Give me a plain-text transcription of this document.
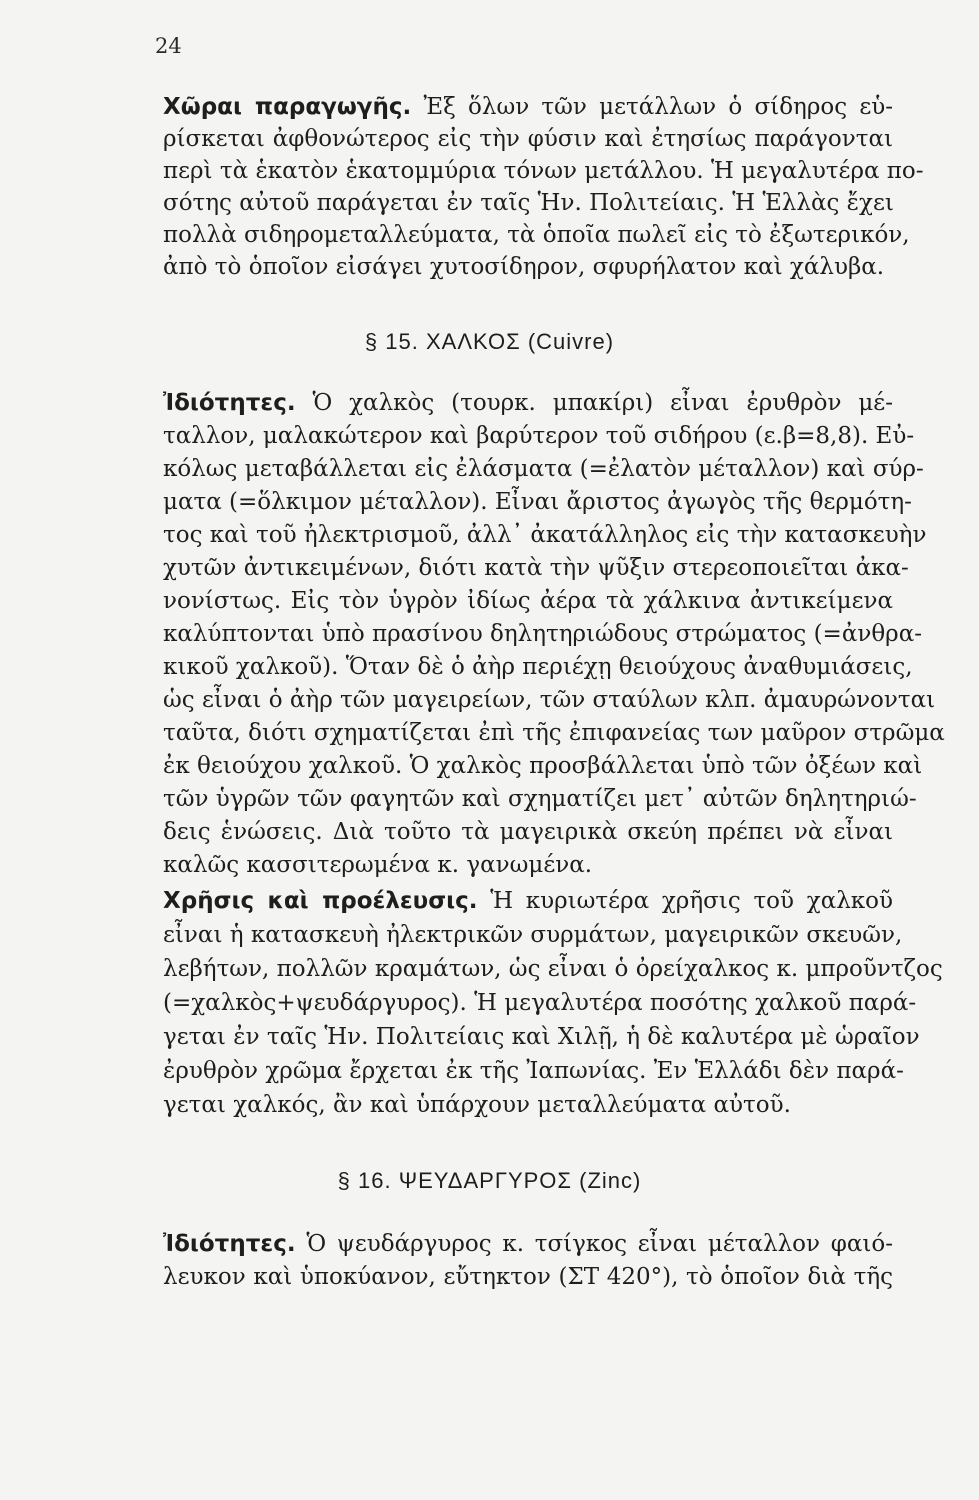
24
Χῶραι παραγωγῆς. Ἐξ ὅλων τῶν μετάλλων ὁ σίδηρος εὑ-
ρίσκεται ἀφθονώτερος εἰς τὴν φύσιν καὶ ἐτησίως παράγονται
περὶ τὰ ἑκατὸν ἑκατομμύρια τόνων μετάλλου. Ἡ μεγαλυτέρα πο-
σότης αὐτοῦ παράγεται ἐν ταῖς Ἡν. Πολιτείαις. Ἡ Ἑλλὰς ἔχει
πολλὰ σιδηρομεταλλεύματα, τὰ ὁποῖα πωλεῖ εἰς τὸ ἐξωτερικόν,
ἀπὸ τὸ ὁποῖον εἰσάγει χυτοσίδηρον, σφυρήλατον καὶ χάλυβα.
§ 15. ΧΑΛΚΟΣ (Cuivre)
Ἰδιότητες. Ὁ χαλκὸς (τουρκ. μπακίρι) εἶναι ἐρυθρὸν μέ-
ταλλον, μαλακώτερον καὶ βαρύτερον τοῦ σιδήρου (ε.β=8,8). Εὐ-
κόλως μεταβάλλεται εἰς ἐλάσματα (=ἐλατὸν μέταλλον) καὶ σύρ-
ματα (=ὅλκιμον μέταλλον). Εἶναι ἄριστος ἀγωγὸς τῆς θερμότη-
τος καὶ τοῦ ἠλεκτρισμοῦ, ἀλλ᾽ ἀκατάλληλος εἰς τὴν κατασκευὴν
χυτῶν ἀντικειμένων, διότι κατὰ τὴν ψῦξιν στερεοποιεῖται ἀκα-
νονίστως. Εἰς τὸν ὑγρὸν ἰδίως ἀέρα τὰ χάλκινα ἀντικείμενα
καλύπτονται ὑπὸ πρασίνου δηλητηριώδους στρώματος (=ἀνθρα-
κικοῦ χαλκοῦ). Ὅταν δὲ ὁ ἀὴρ περιέχῃ θειούχους ἀναθυμιάσεις,
ὡς εἶναι ὁ ἀὴρ τῶν μαγειρείων, τῶν σταύλων κλπ. ἀμαυρώνονται
ταῦτα, διότι σχηματίζεται ἐπὶ τῆς ἐπιφανείας των μαῦρον στρῶμα
ἐκ θειούχου χαλκοῦ. Ὁ χαλκὸς προσβάλλεται ὑπὸ τῶν ὀξέων καὶ
τῶν ὑγρῶν τῶν φαγητῶν καὶ σχηματίζει μετ᾽ αὐτῶν δηλητηριώ-
δεις ἑνώσεις. Διὰ τοῦτο τὰ μαγειρικὰ σκεύη πρέπει νὰ εἶναι
καλῶς κασσιτερωμένα κ. γανωμένα.
Χρῆσις καὶ προέλευσις. Ἡ κυριωτέρα χρῆσις τοῦ χαλκοῦ
εἶναι ἡ κατασκευὴ ἠλεκτρικῶν συρμάτων, μαγειρικῶν σκευῶν,
λεβήτων, πολλῶν κραμάτων, ὡς εἶναι ὁ ὀρείχαλκος κ. μπροῦντζος
(=χαλκὸς+ψευδάργυρος). Ἡ μεγαλυτέρα ποσότης χαλκοῦ παρά-
γεται ἐν ταῖς Ἡν. Πολιτείαις καὶ Χιλῇ, ἡ δὲ καλυτέρα μὲ ὡραῖον
ἐρυθρὸν χρῶμα ἔρχεται ἐκ τῆς Ἰαπωνίας. Ἐν Ἑλλάδι δὲν παρά-
γεται χαλκός, ἂν καὶ ὑπάρχουν μεταλλεύματα αὐτοῦ.
§ 16. ΨΕΥΔΑΡΓΥΡΟΣ (Zinc)
Ἰδιότητες. Ὁ ψευδάργυρος κ. τσίγκος εἶναι μέταλλον φαιό-
λευκον καὶ ὑποκύανον, εὔτηκτον (ΣΤ 420°), τὸ ὁποῖον διὰ τῆς
